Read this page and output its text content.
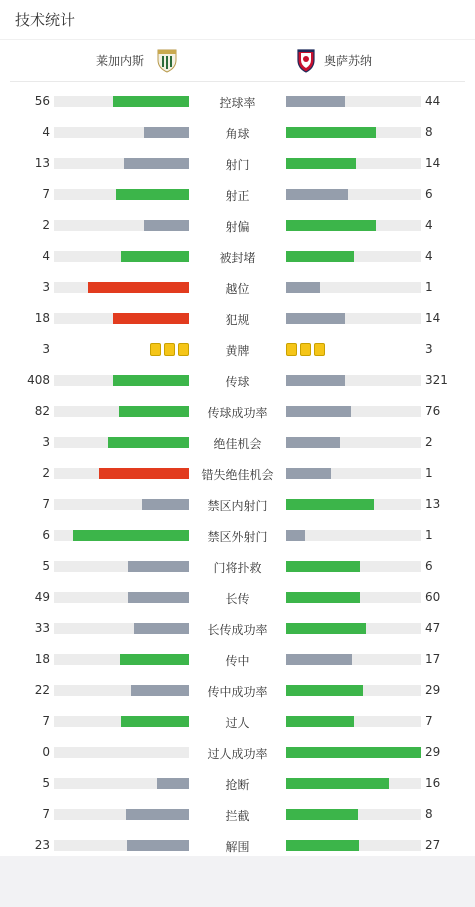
技术统计
莱加内斯	奥萨苏纳
56	控球率	44
4	角球	8
13	射门	14
7	射正	6
2	射偏	4
4	被封堵	4
3	越位	1
18	犯规	14
3	黄牌	3
408	传球	321
82	传球成功率	76
3	绝佳机会	2
2	错失绝佳机会	1
7	禁区内射门	13
6	禁区外射门	1
5	门将扑救	6
49	长传	60
33	长传成功率	47
18	传中	17
22	传中成功率	29
7	过人	7
0	过人成功率	29
5	抢断	16
7	拦截	8
23	解围	27
